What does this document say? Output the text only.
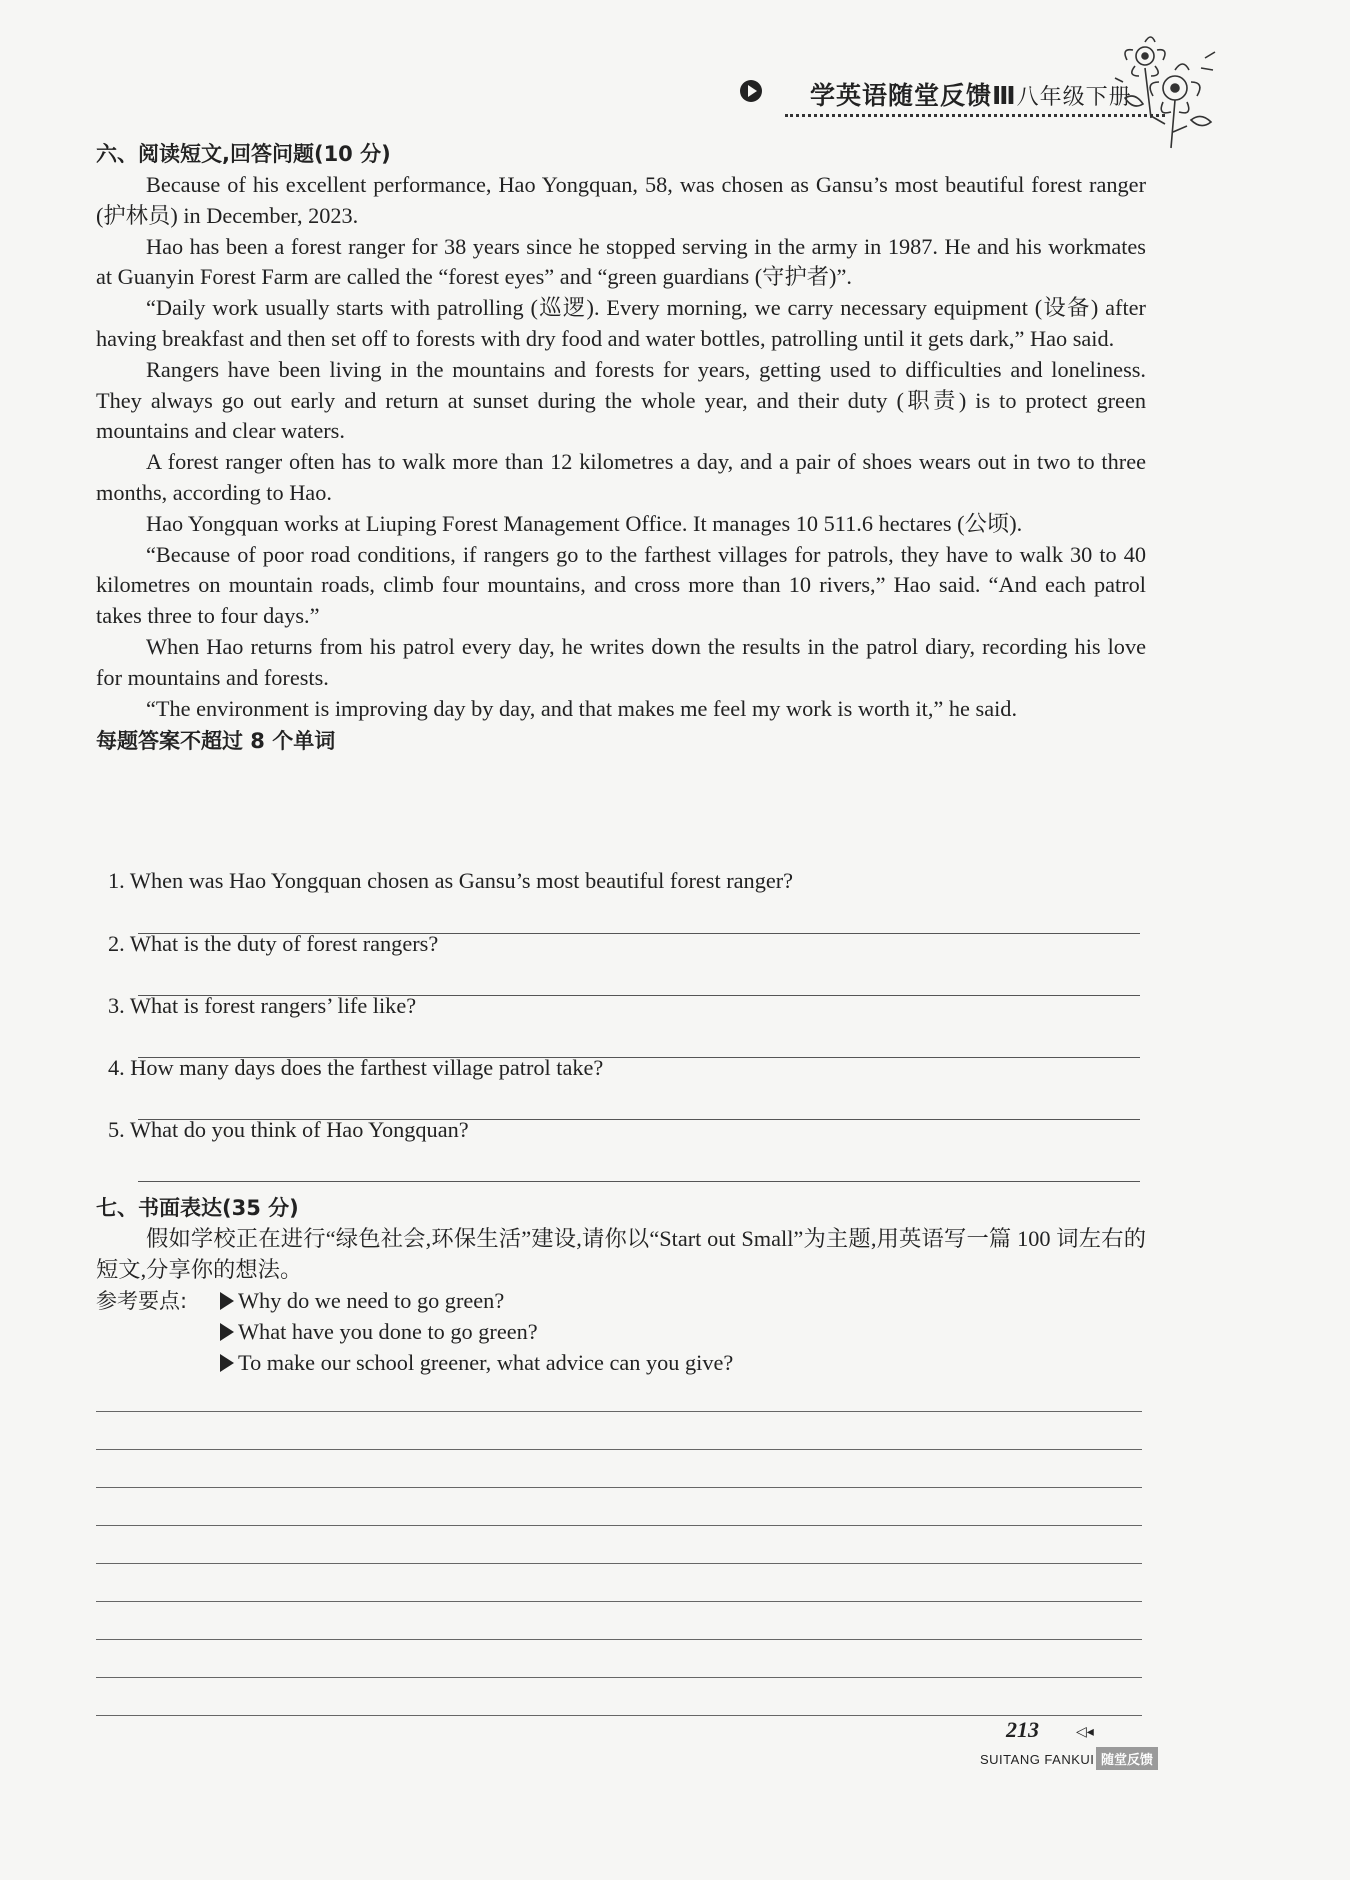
学英语随堂反馈Ⅲ八年级下册
六、阅读短文,回答问题(10 分)

Because of his excellent performance, Hao Yongquan, 58, was chosen as Gansu’s most beautiful forest ranger (护林员) in December, 2023.

Hao has been a forest ranger for 38 years since he stopped serving in the army in 1987. He and his workmates at Guanyin Forest Farm are called the “forest eyes” and “green guardians (守护者)”.

“Daily work usually starts with patrolling (巡逻). Every morning, we carry necessary equipment (设备) after having breakfast and then set off to forests with dry food and water bottles, patrolling until it gets dark,” Hao said.

Rangers have been living in the mountains and forests for years, getting used to difficulties and loneliness. They always go out early and return at sunset during the whole year, and their duty (职责) is to protect green mountains and clear waters.

A forest ranger often has to walk more than 12 kilometres a day, and a pair of shoes wears out in two to three months, according to Hao.

Hao Yongquan works at Liuping Forest Management Office. It manages 10 511.6 hectares (公顷).

“Because of poor road conditions, if rangers go to the farthest villages for patrols, they have to walk 30 to 40 kilometres on mountain roads, climb four mountains, and cross more than 10 rivers,” Hao said. “And each patrol takes three to four days.”

When Hao returns from his patrol every day, he writes down the results in the patrol diary, recording his love for mountains and forests.

“The environment is improving day by day, and that makes me feel my work is worth it,” he said.

每题答案不超过 8 个单词
1. When was Hao Yongquan chosen as Gansu’s most beautiful forest ranger?
2. What is the duty of forest rangers?
3. What is forest rangers’ life like?
4. How many days does the farthest village patrol take?
5. What do you think of Hao Yongquan?
七、书面表达(35 分)

假如学校正在进行“绿色社会,环保生活”建设,请你以“Start out Small”为主题,用英语写一篇 100 词左右的短文,分享你的想法。

参考要点:	Why do we need to go green?
What have you done to go green?
To make our school greener, what advice can you give?
213	◁◂
SUITANG FANKUI 随堂反馈
